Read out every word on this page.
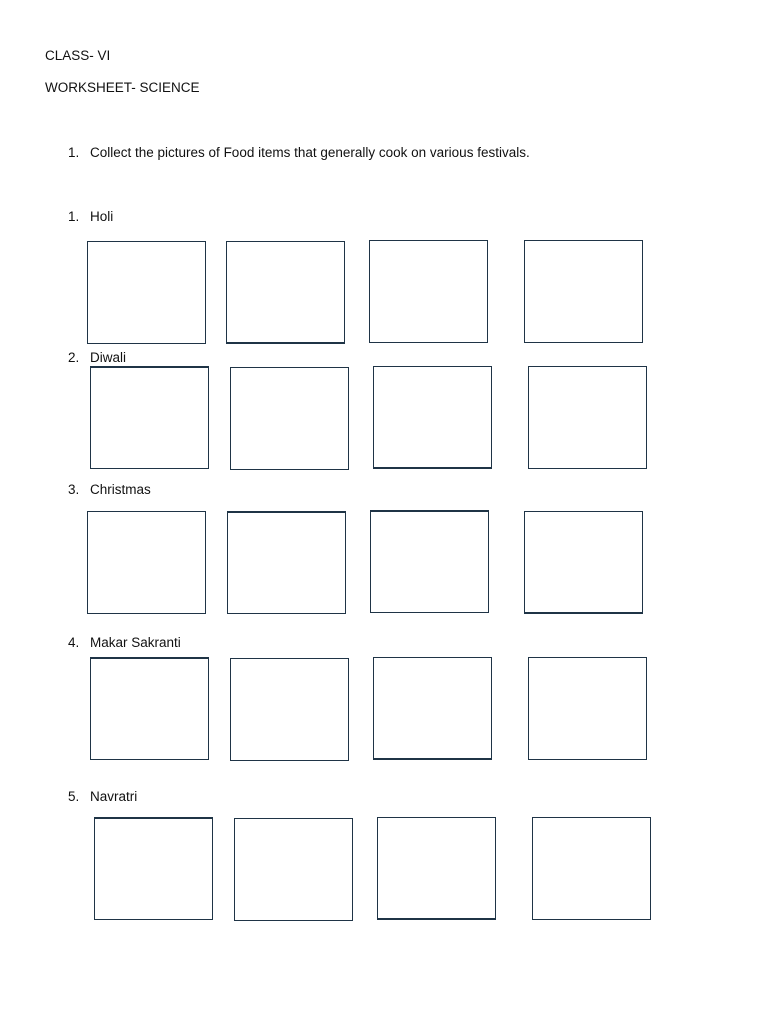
CLASS- VI
WORKSHEET- SCIENCE
1. Collect the pictures of Food items that generally cook on various festivals.
1. Holi
2. Diwali
3. Christmas
4. Makar Sakranti
5. Navratri
